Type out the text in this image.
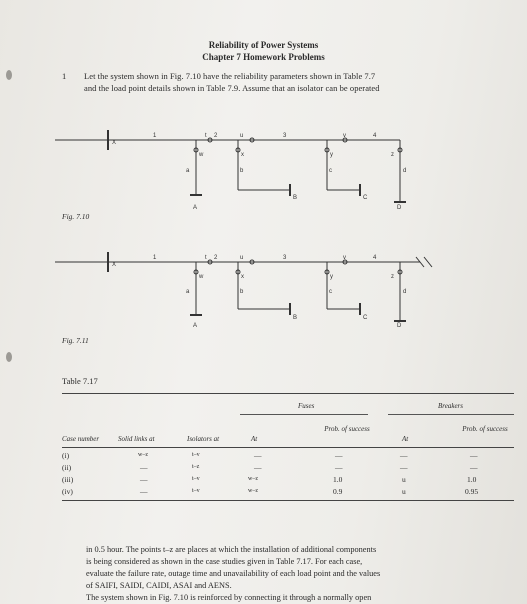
Reliability of Power Systems
Chapter 7 Homework Problems
1 Let the system shown in Fig. 7.10 have the reliability parameters shown in Table 7.7
and the load point details shown in Table 7.9. Assume that an isolator can be operated
X
1	2	3	4
t	u	v
w	x	y	z
a	b	c	d
A
B	C
D
Fig. 7.10
X
1	2	3	4
t	u	v
w	x	y	z
a	b	c	d
A
B	C
D
Fig. 7.11
Table 7.17
Fuses	Breakers
Case number	Solid links at	Isolators at	At
Prob. of success
At
Prob. of success
(i)	w–z	t–v	—	—	—	—
(ii)	—	t–z	—	—	—	—
(iii)	—	t–v	w–z	1.0	u	1.0
(iv)	—	t–v	w–z	0.9	u	0.95
in 0.5 hour. The points t–z are places at which the installation of additional components
is being considered as shown in the case studies given in Table 7.17. For each case,
evaluate the failure rate, outage time and unavailability of each load point and the values
of SAIFI, SAIDI, CAIDI, ASAI and AENS.
The system shown in Fig. 7.10 is reinforced by connecting it through a normally open
